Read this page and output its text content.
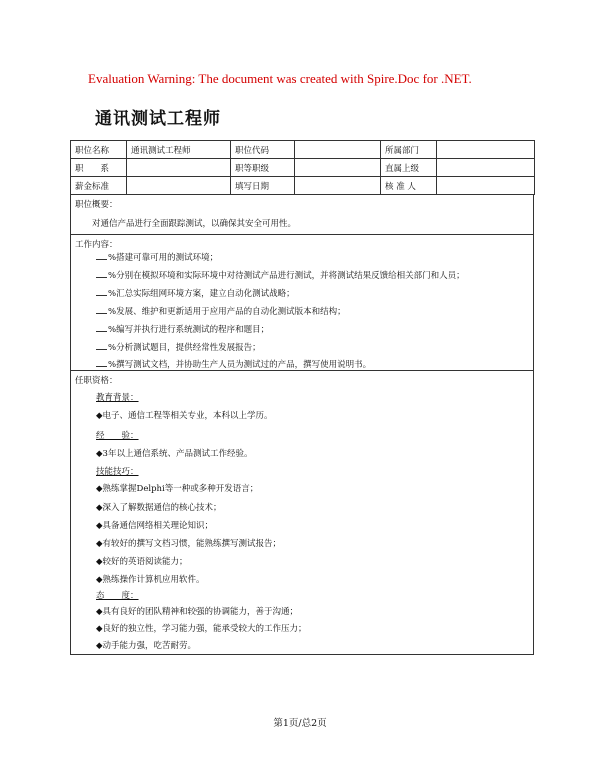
Evaluation Warning: The document was created with Spire.Doc for .NET.
通讯测试工程师
职位名称	通讯测试工程师	职位代码		所属部门	
职　　系		职等职级		直属上级	
薪金标准		填写日期		核 准 人	
职位概要：
对通信产品进行全面跟踪测试，以确保其安全可用性。
工作内容：
%搭建可靠可用的测试环境；
%分别在模拟环境和实际环境中对待测试产品进行测试，并将测试结果反馈给相关部门和人员；
%汇总实际组网环境方案，建立自动化测试战略；
%发展、维护和更新适用于应用产品的自动化测试版本和结构；
%编写并执行进行系统测试的程序和题目；
%分析测试题目，提供经常性发展报告；
%撰写测试文档，并协助生产人员为测试过的产品，撰写使用说明书。
任职资格：
教育背景：
◆电子、通信工程等相关专业，本科以上学历。
经　　验：
◆3年以上通信系统、产品测试工作经验。
技能技巧：
◆熟练掌握Delphi等一种或多种开发语言；
◆深入了解数据通信的核心技术；
◆具备通信网络相关理论知识；
◆有较好的撰写文档习惯，能熟练撰写测试报告；
◆较好的英语阅读能力；
◆熟练操作计算机应用软件。
态　　度：
◆具有良好的团队精神和较强的协调能力，善于沟通；
◆良好的独立性，学习能力强，能承受较大的工作压力；
◆动手能力强，吃苦耐劳。
第1页/总2页
